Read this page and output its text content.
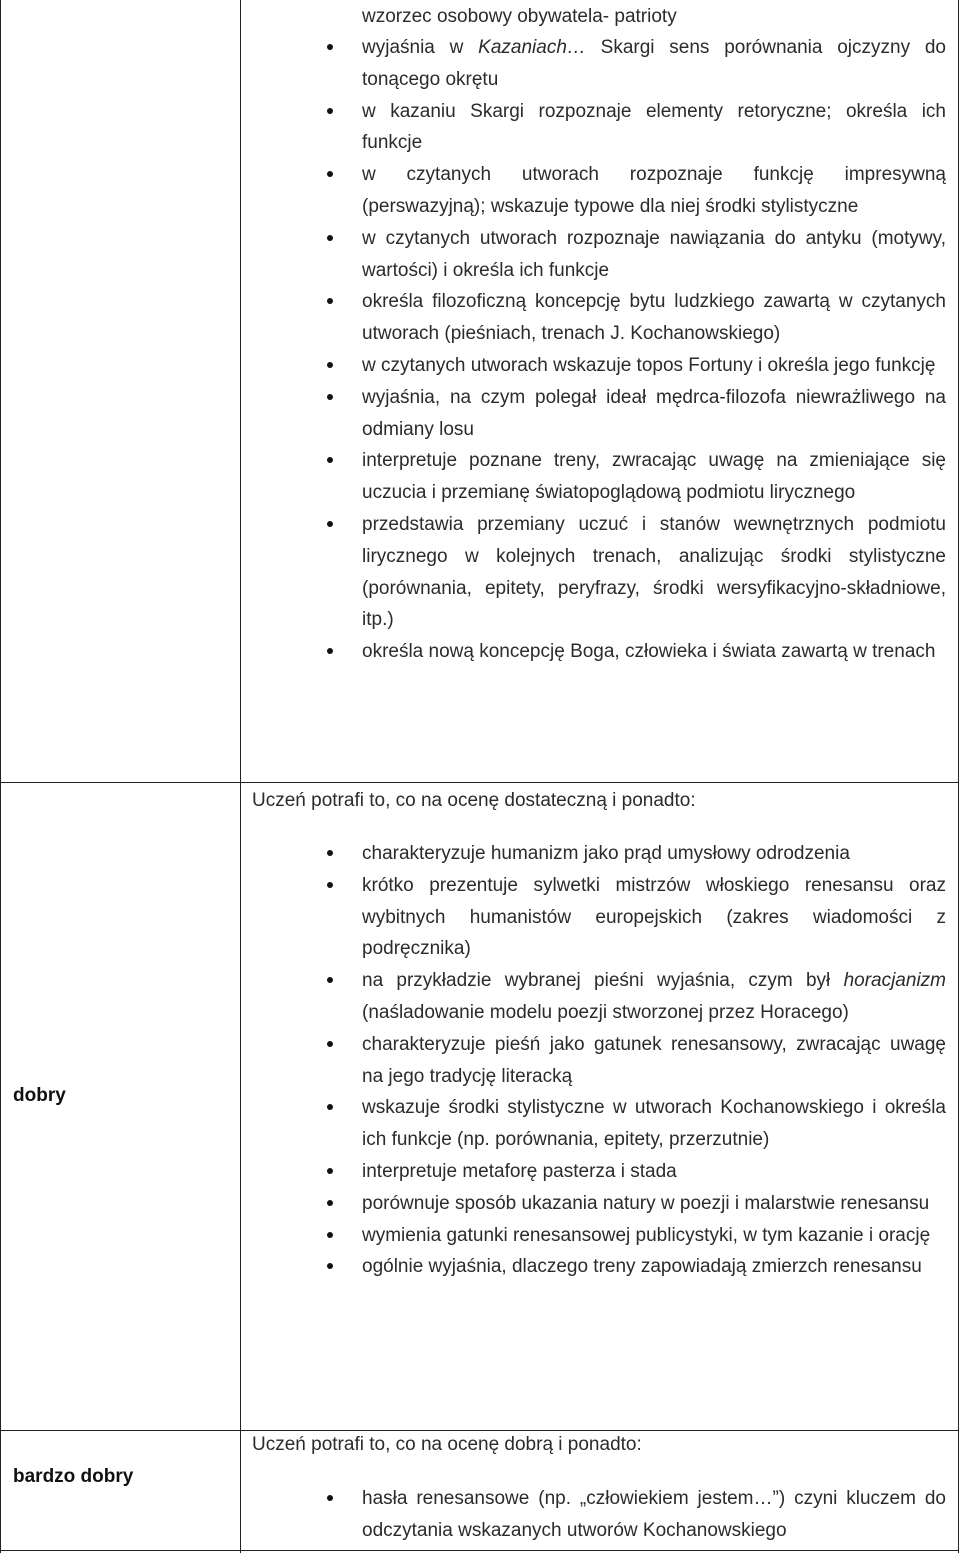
wzorzec osobowy obywatela- patrioty
wyjaśnia w Kazaniach… Skargi sens porównania ojczyzny do tonącego okrętu
w kazaniu Skargi rozpoznaje elementy retoryczne; określa ich funkcje
w czytanych utworach rozpoznaje funkcję impresywną (perswazyjną); wskazuje typowe dla niej środki stylistyczne
w czytanych utworach rozpoznaje nawiązania do antyku (motywy, wartości) i określa ich funkcje
określa filozoficzną koncepcję bytu ludzkiego zawartą w czytanych utworach (pieśniach, trenach J. Kochanowskiego)
w czytanych utworach wskazuje topos Fortuny i określa jego funkcję
wyjaśnia, na czym polegał ideał mędrca-filozofa niewrażliwego na odmiany losu
interpretuje poznane treny, zwracając uwagę na zmieniające się uczucia i przemianę światopoglądową podmiotu lirycznego
przedstawia przemiany uczuć i stanów wewnętrznych podmiotu lirycznego w kolejnych trenach, analizując środki stylistyczne (porównania, epitety, peryfrazy, środki wersyfikacyjno-składniowe, itp.)
określa nową koncepcję Boga, człowieka i świata zawartą w trenach
dobry
Uczeń potrafi to, co na ocenę dostateczną i ponadto:
charakteryzuje humanizm jako prąd umysłowy odrodzenia
krótko prezentuje sylwetki mistrzów włoskiego renesansu oraz wybitnych humanistów europejskich (zakres wiadomości z podręcznika)
na przykładzie wybranej pieśni wyjaśnia, czym był horacjanizm (naśladowanie modelu poezji stworzonej przez Horacego)
charakteryzuje pieśń jako gatunek renesansowy, zwracając uwagę na jego tradycję literacką
wskazuje środki stylistyczne w utworach Kochanowskiego i określa ich funkcje (np. porównania, epitety, przerzutnie)
interpretuje metaforę pasterza i stada
porównuje sposób ukazania natury w poezji i malarstwie renesansu
wymienia gatunki renesansowej publicystyki, w tym kazanie i orację
ogólnie wyjaśnia, dlaczego treny zapowiadają zmierzch renesansu
bardzo dobry
Uczeń potrafi to, co na ocenę dobrą i ponadto:
hasła renesansowe (np. „człowiekiem jestem…”) czyni kluczem do odczytania wskazanych utworów Kochanowskiego
